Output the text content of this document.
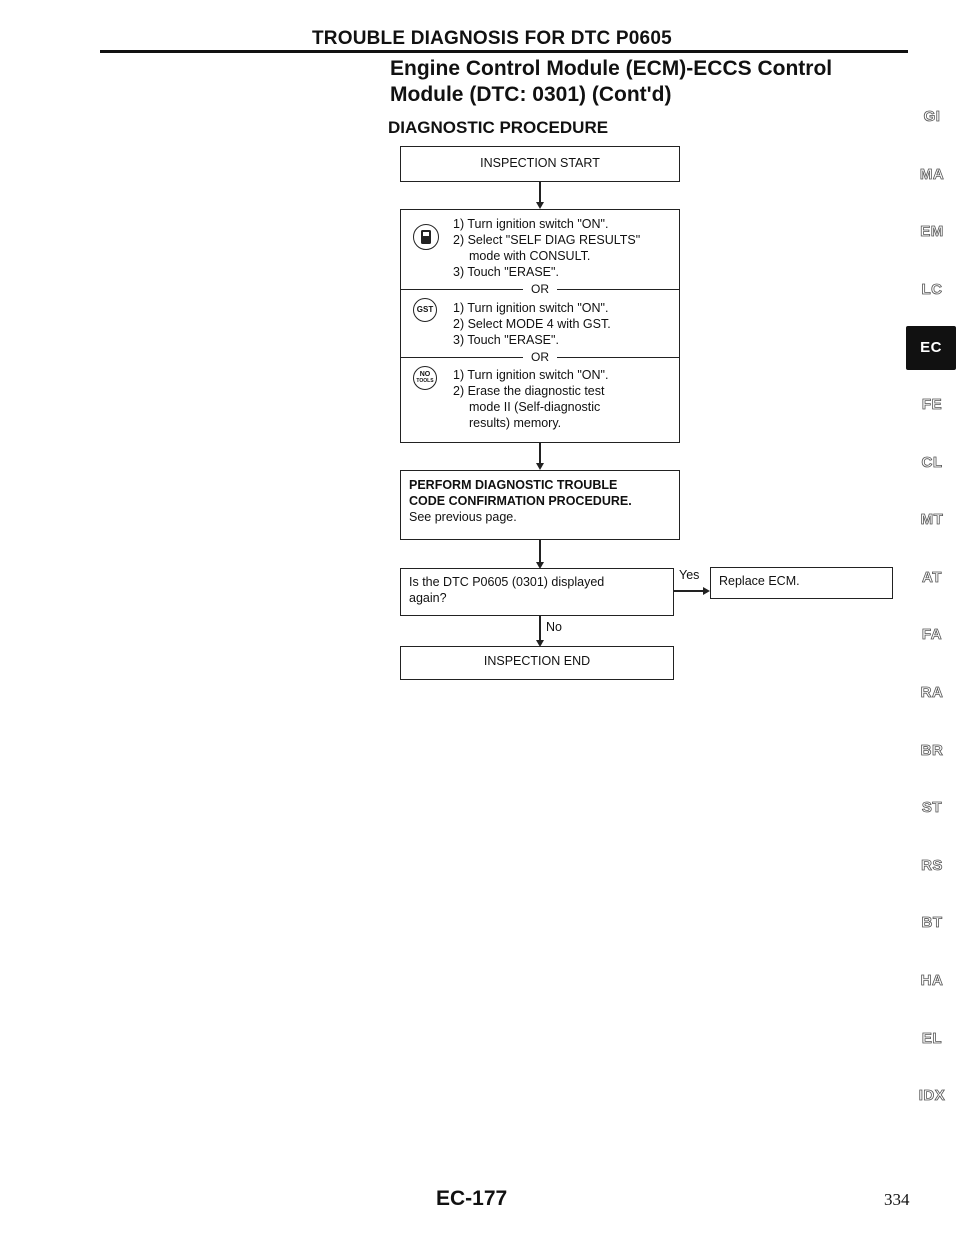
TROUBLE DIAGNOSIS FOR DTC P0605
Engine Control Module (ECM)-ECCS Control
Module (DTC: 0301) (Cont'd)
DIAGNOSTIC PROCEDURE
INSPECTION START
1) Turn ignition switch "ON".
2) Select "SELF DIAG RESULTS"
mode with CONSULT.
3) Touch "ERASE".
OR
GST 1) Turn ignition switch "ON".
2) Select MODE 4 with GST.
3) Touch "ERASE".
OR
NO
TOOLS 1) Turn ignition switch "ON".
2) Erase the diagnostic test
mode II (Self-diagnostic
results) memory.
PERFORM DIAGNOSTIC TROUBLE
CODE CONFIRMATION PROCEDURE.
See previous page.
Is the DTC P0605 (0301) displayed
again?
Yes	Replace ECM.
No
INSPECTION END
GI
MA
EM
LC
EC
FE
CL
MT
AT
FA
RA
BR
ST
RS
BT
HA
EL
IDX
EC-177	334
